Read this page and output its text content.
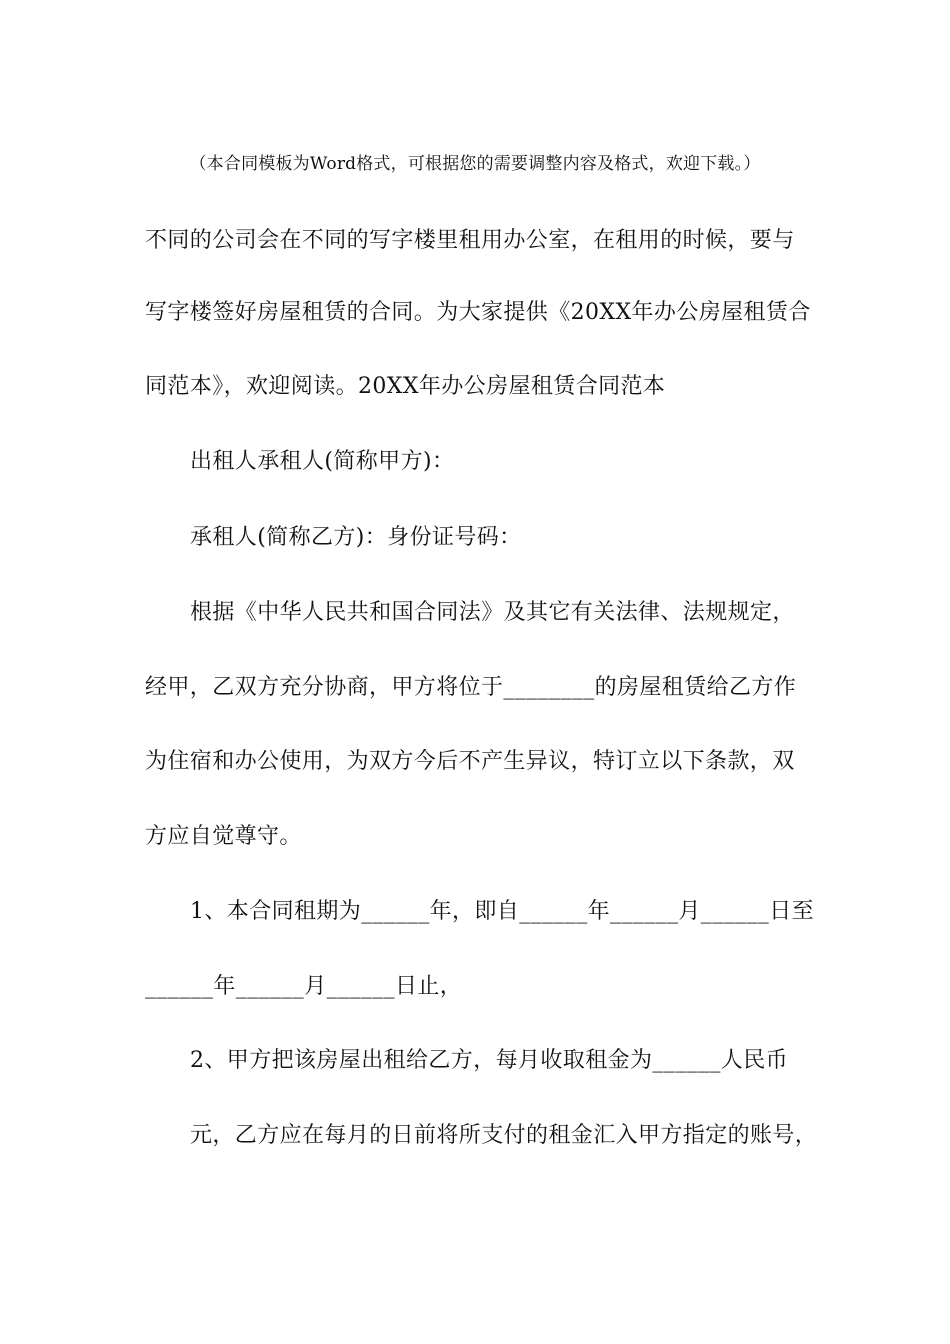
（本合同模板为Word格式，可根据您的需要调整内容及格式，欢迎下载。）
不同的公司会在不同的写字楼里租用办公室，在租用的时候，要与
写字楼签好房屋租赁的合同。为大家提供《20XX年办公房屋租赁合
同范本》，欢迎阅读。20XX年办公房屋租赁合同范本
出租人承租人(简称甲方)：
承租人(简称乙方)：身份证号码：
根据《中华人民共和国合同法》及其它有关法律、法规规定，
经甲，乙双方充分协商，甲方将位于________的房屋租赁给乙方作
为住宿和办公使用，为双方今后不产生异议，特订立以下条款，双
方应自觉尊守。
1、本合同租期为______年，即自______年______月______日至
______年______月______日止，
2、甲方把该房屋出租给乙方，每月收取租金为______人民币
元，乙方应在每月的日前将所支付的租金汇入甲方指定的账号，
